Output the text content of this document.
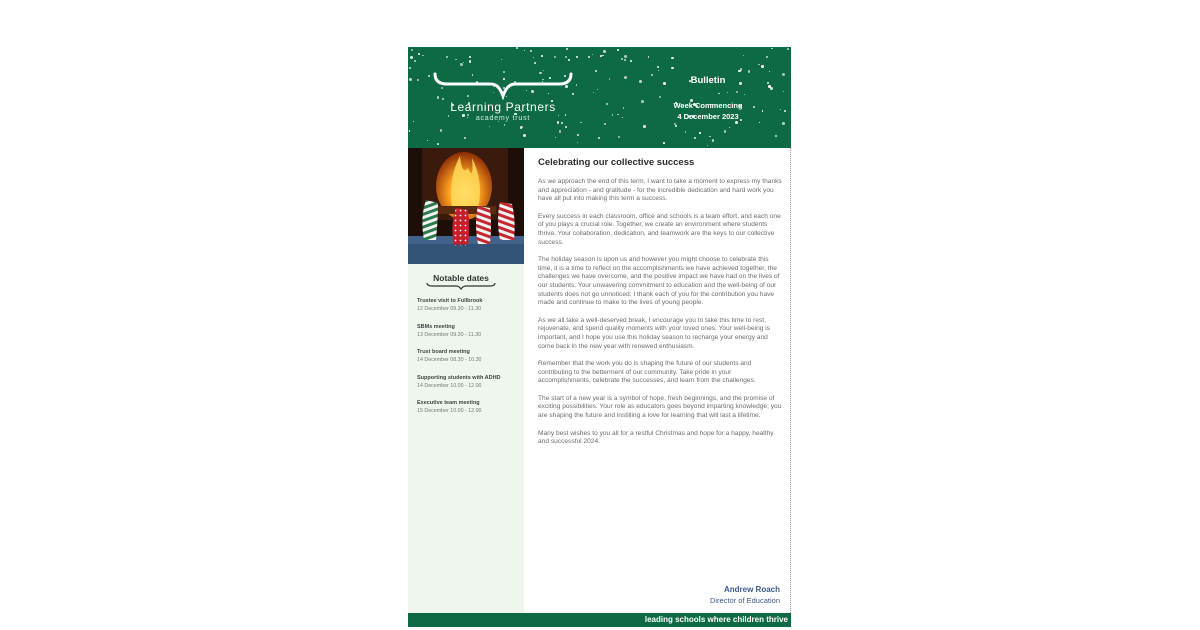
Learning Partners
academy trust
Bulletin
Week Commencing
4 December 2023
Notable dates
Trustee visit to Fullbrook
12 December 09.30 - 11.30
SBMs meeting
13 December 09.30 - 11.30
Trust board meeting
14 December 08.30 - 10.30
Supporting students with ADHD
14 December 10.00 - 12.00
Executive team meeting
15 December 10.00 - 12.00
Celebrating our collective success

As we approach the end of this term, I want to take a moment to express my thanks and appreciation - and gratitude - for the incredible dedication and hard work you have all put into making this term a success.

Every success in each classroom, office and schools is a team effort, and each one of you plays a crucial role. Together, we create an environment where students thrive. Your collaboration, dedication, and teamwork are the keys to our collective success.

The holiday season is upon us and however you might choose to celebrate this time, it is a time to reflect on the accomplishments we have achieved together, the challenges we have overcome, and the positive impact we have had on the lives of our students. Your unwavering commitment to education and the well-being of our students does not go unnoticed; I thank each of you for the contribution you have made and continue to make to the lives of young people.

As we all take a well-deserved break, I encourage you to take this time to rest, rejuvenate, and spend quality moments with your loved ones. Your well-being is important, and I hope you use this holiday season to recharge your energy and come back in the new year with renewed enthusiasm.

Remember that the work you do is shaping the future of our students and contributing to the betterment of our community. Take pride in your accomplishments, celebrate the successes, and learn from the challenges.

The start of a new year is a symbol of hope, fresh beginnings, and the promise of exciting possibilities. Your role as educators goes beyond imparting knowledge; you are shaping the future and instilling a love for learning that will last a lifetime.

Many best wishes to you all for a restful Christmas and hope for a happy, healthy and successful 2024.

Andrew Roach
Director of Education
leading schools where children thrive
